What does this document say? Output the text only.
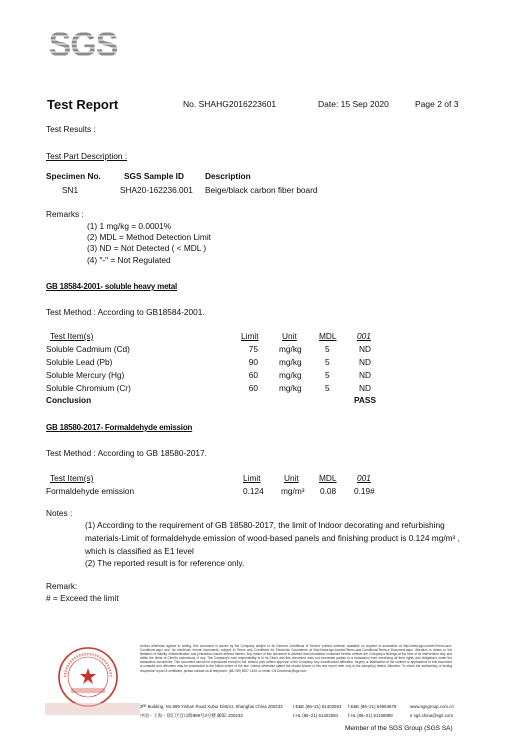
SGS
Test Report	No. SHAHG2016223601	Date: 15 Sep 2020	Page 2 of 3
Test Results :
Test Part Description :
Specimen No.	SGS Sample ID	Description
SN1	SHA20-162236.001 Beige/black carbon fiber board
Remarks :
(1) 1 mg/kg = 0.0001%
(2) MDL = Method Detection Limit
(3) ND = Not Detected ( < MDL )
(4) "-" = Not Regulated
GB 18584-2001- soluble heavy metal
Test Method : According to GB18584-2001.
Test Item(s)	Limit	Unit	MDL 001
Soluble Cadmium (Cd)	75	mg/kg	5	ND
Soluble Lead (Pb)	90	mg/kg	5	ND
Soluble Mercury (Hg)	60	mg/kg	5	ND
Soluble Chromium (Cr)	60	mg/kg	5	ND
Conclusion	PASS
GB 18580-2017- Formaldehyde emission
Test Method : According to GB 18580-2017.
Test Item(s)	Limit	Unit MDL 001
Formaldehyde emission	0.124 mg/m³ 0.08 0.19#
Notes :
(1) According to the requirement of GB 18580-2017, the limit of Indoor decorating and refurbishing
materials-Limit of formaldehyde emission of wood-based panels and finishing product is 0.124 mg/m³ ,
which is classified as E1 level
(2) The reported result is for reference only.
Remark:
# = Exceed the limit
Unless otherwise agreed in writing, this document is issued by the Company subject to its General Conditions of Service printed overleaf, available on request or accessible at http://www.sgs.com/en/Terms-and-Conditions.aspx and, for electronic format documents, subject to Terms and Conditions for Electronic Documents at http://www.sgs.com/en/Terms-and-Conditions/Terms-e-Document.aspx. Attention is drawn to the limitation of liability, indemnification and jurisdiction issues defined therein. Any holder of this document is advised that information contained hereon reflects the Company's findings at the time of its intervention only and within the limits of Client's instructions, if any. The Company's sole responsibility is to its Client and this document does not exonerate parties to a transaction from exercising all their rights and obligations under the transaction documents. This document cannot be reproduced except in full, without prior written approval of the Company. Any unauthorized alteration, forgery or falsification of the content or appearance of this document is unlawful and offenders may be prosecuted to the fullest extent of the law. Unless otherwise stated the results shown in this test report refer only to the sample(s) tested. Attention: To check the authenticity of testing /inspection report & certificate, please contact us at telephone: (86-755) 8307 1443, or email: CN.Doccheck@sgs.com
3ᴿᴰ Building, No.889 Yishan Road Xuhui District, Shanghai China 200233
中国・上海・徐汇区宜山路889号3号楼 邮编: 200233
t E&E (86–21) 61402553
t HL (86–21) 61402594
f E&E (86–21) 64953679
f HL (86–21) 61156899
www.sgsgroup.com.cn
e sgs.china@sgs.com
Member of the SGS Group (SGS SA)
